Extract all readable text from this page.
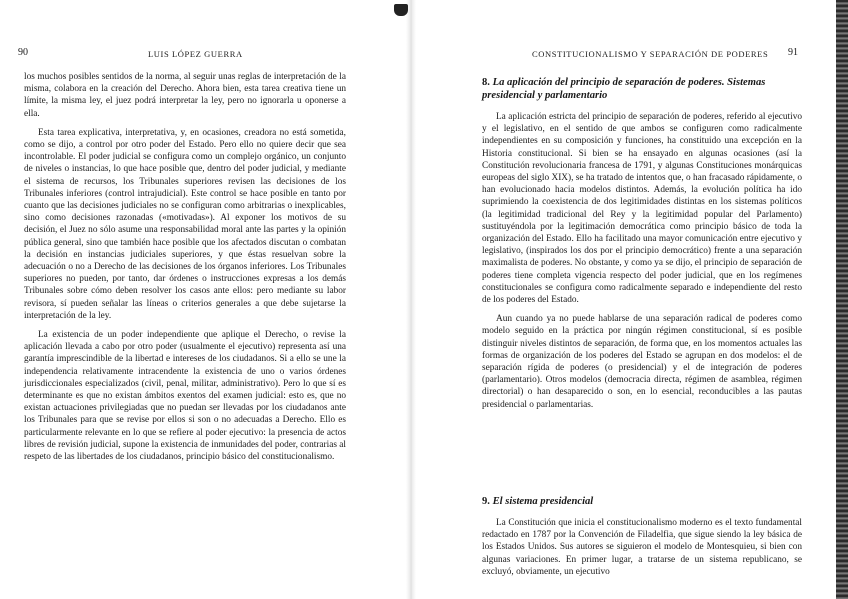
90	LUIS LÓPEZ GUERRA

los muchos posibles sentidos de la norma, al seguir unas reglas de interpretación de la misma, colabora en la creación del Derecho. Ahora bien, esta tarea creativa tiene un límite, la misma ley, el juez podrá interpretar la ley, pero no ignorarla u oponerse a ella.

Esta tarea explicativa, interpretativa, y, en ocasiones, creadora no está sometida, como se dijo, a control por otro poder del Estado. Pero ello no quiere decir que sea incontrolable. El poder judicial se configura como un complejo orgánico, un conjunto de niveles o instancias, lo que hace posible que, dentro del poder judicial, y mediante el sistema de recursos, los Tribunales superiores revisen las decisiones de los Tribunales inferiores (control intrajudicial). Este control se hace posible en tanto por cuanto que las decisiones judiciales no se configuran como arbitrarias o inexplicables, sino como decisiones razonadas («motivadas»). Al exponer los motivos de su decisión, el Juez no sólo asume una responsabilidad moral ante las partes y la opinión pública general, sino que también hace posible que los afectados discutan o combatan la decisión en instancias judiciales superiores, y que éstas resuelvan sobre la adecuación o no a Derecho de las decisiones de los órganos inferiores. Los Tribunales superiores no pueden, por tanto, dar órdenes o instrucciones expresas a los demás Tribunales sobre cómo deben resolver los casos ante ellos: pero mediante su labor revisora, sí pueden señalar las líneas o criterios generales a que debe sujetarse la interpretación de la ley.

La existencia de un poder independiente que aplique el Derecho, o revise la aplicación llevada a cabo por otro poder (usualmente el ejecutivo) representa así una garantía imprescindible de la libertad e intereses de los ciudadanos. Si a ello se une la independencia relativamente intracendente la existencia de uno o varios órdenes jurisdiccionales especializados (civil, penal, militar, administrativo). Pero lo que sí es determinante es que no existan ámbitos exentos del examen judicial: esto es, que no existan actuaciones privilegiadas que no puedan ser llevadas por los ciudadanos ante los Tribunales para que se revise por ellos si son o no adecuadas a Derecho. Ello es particularmente relevante en lo que se refiere al poder ejecutivo: la presencia de actos libres de revisión judicial, supone la existencia de inmunidades del poder, contrarias al respeto de las libertades de los ciudadanos, principio básico del constitucionalismo.

CONSTITUCIONALISMO Y SEPARACIÓN DE PODERES 91
8. La aplicación del principio de separación de poderes. Sistemas presidencial y parlamentario

La aplicación estricta del principio de separación de poderes, referido al ejecutivo y el legislativo, en el sentido de que ambos se configuren como radicalmente independientes en su composición y funciones, ha constituido una excepción en la Historia constitucional. Si bien se ha ensayado en algunas ocasiones (así la Constitución revolucionaria francesa de 1791, y algunas Constituciones monárquicas europeas del siglo XIX), se ha tratado de intentos que, o han fracasado rápidamente, o han evolucionado hacia modelos distintos. Además, la evolución política ha ido suprimiendo la coexistencia de dos legitimidades distintas en los sistemas políticos (la legitimidad tradicional del Rey y la legitimidad popular del Parlamento) sustituyéndola por la legitimación democrática como principio básico de toda la organización del Estado. Ello ha facilitado una mayor comunicación entre ejecutivo y legislativo, (inspirados los dos por el principio democrático) frente a una separación maximalista de poderes. No obstante, y como ya se dijo, el principio de separación de poderes tiene completa vigencia respecto del poder judicial, que en los regímenes constitucionales se configura como radicalmente separado e independiente del resto de los poderes del Estado.

Aun cuando ya no puede hablarse de una separación radical de poderes como modelo seguido en la práctica por ningún régimen constitucional, sí es posible distinguir niveles distintos de separación, de forma que, en los momentos actuales las formas de organización de los poderes del Estado se agrupan en dos modelos: el de separación rígida de poderes (o presidencial) y el de integración de poderes (parlamentario). Otros modelos (democracia directa, régimen de asamblea, régimen directorial) o han desaparecido o son, en lo esencial, reconducibles a las pautas presidencial o parlamentarias.

9. El sistema presidencial

La Constitución que inicia el constitucionalismo moderno es el texto fundamental redactado en 1787 por la Convención de Filadelfia, que sigue siendo la ley básica de los Estados Unidos. Sus autores se siguieron el modelo de Montesquieu, si bien con algunas variaciones. En primer lugar, a tratarse de un sistema republicano, se excluyó, obviamente, un ejecutivo
